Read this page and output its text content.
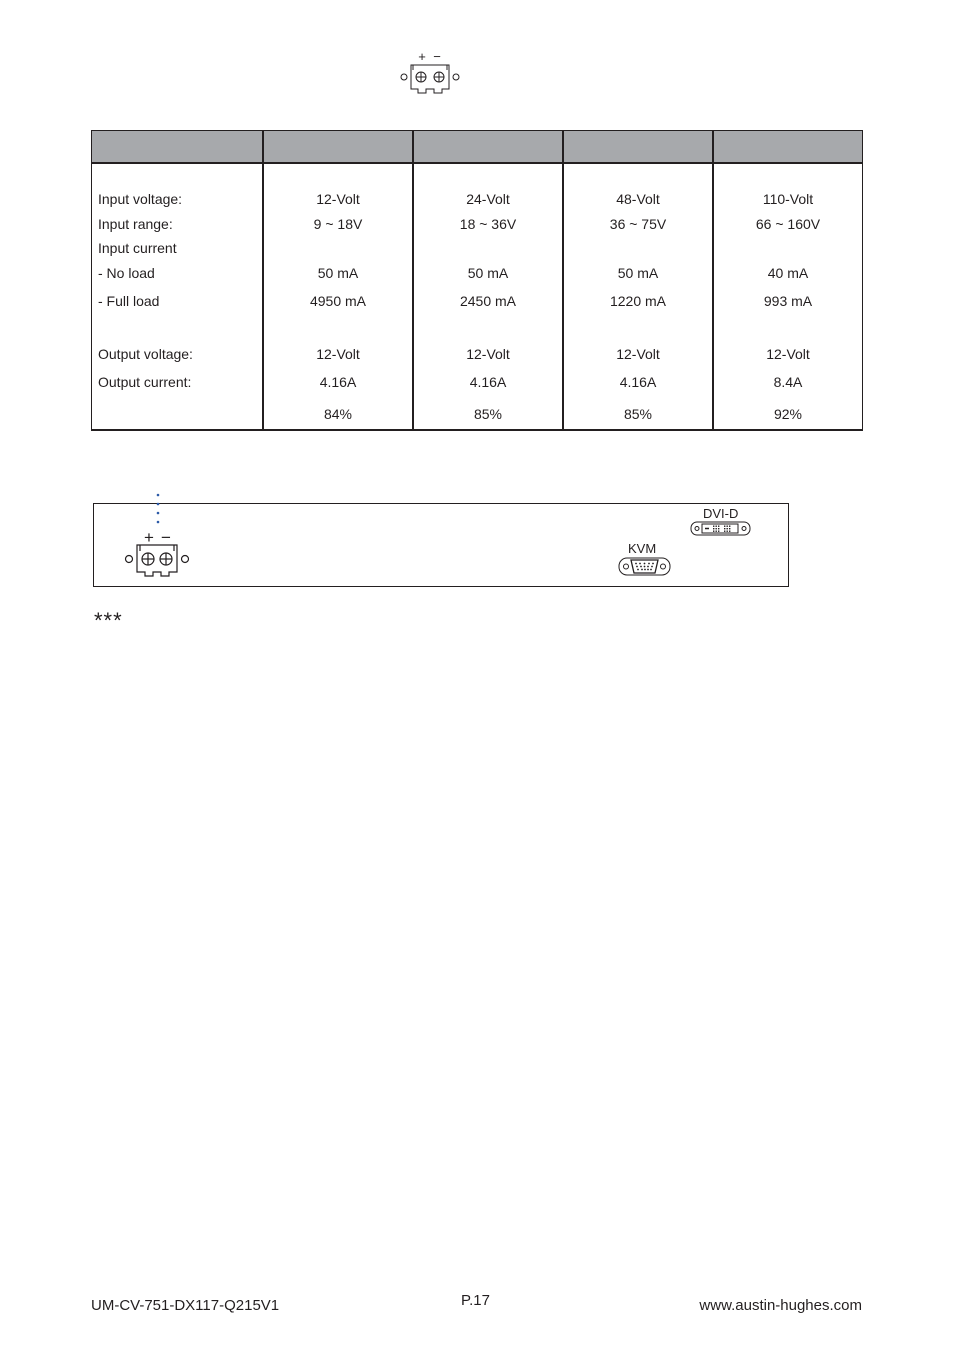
+ −
Input voltage:
Input range:
Input current
- No load
- Full load
Output voltage:
Output current:
12-Volt
9 ~ 18V
50 mA
4950 mA
12-Volt
4.16A
84%
24-Volt
18 ~ 36V
50 mA
2450 mA
12-Volt
4.16A
85%
48-Volt
36 ~ 75V
50 mA
1220 mA
12-Volt
4.16A
85%
110-Volt
66 ~ 160V
40 mA
993 mA
12-Volt
8.4A
92%
+ −
KVM
DVI-D
***
UM-CV-751-DX117-Q215V1	P.17	www.austin-hughes.com
